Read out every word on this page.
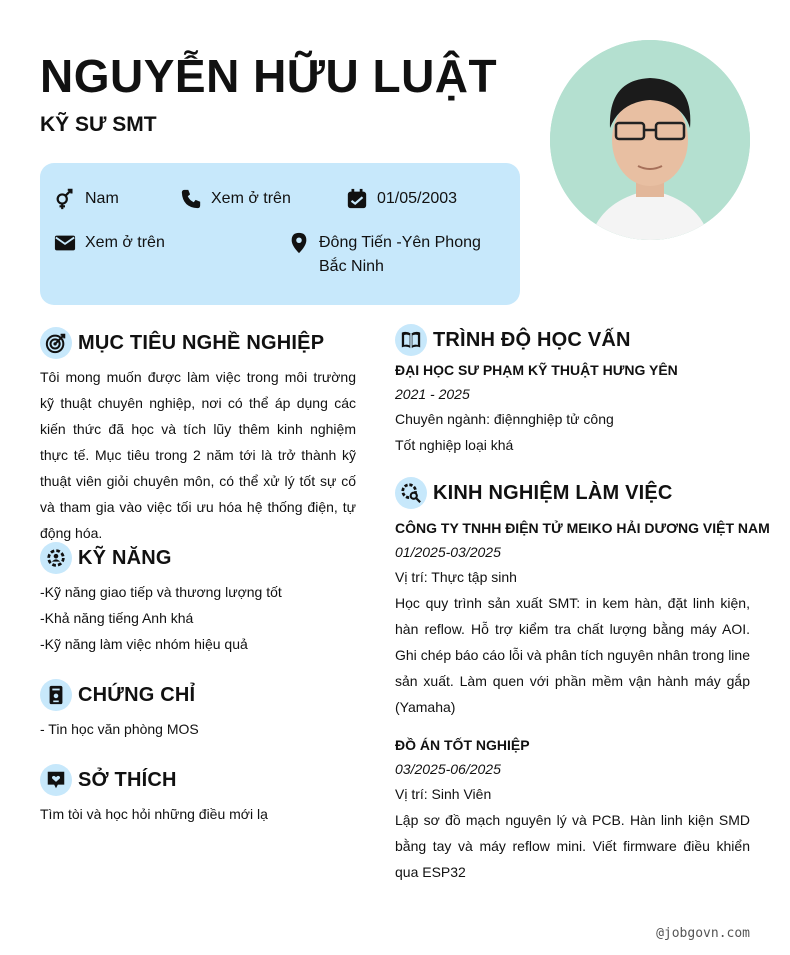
NGUYỄN HỮU LUẬT
KỸ SƯ SMT
Nam	Xem ở trên	01/05/2003
Xem ở trên	Đông Tiến -Yên Phong
Bắc Ninh
MỤC TIÊU NGHỀ NGHIỆP

Tôi mong muốn được làm việc trong môi trường kỹ thuật chuyên nghiệp, nơi có thể áp dụng các kiến thức đã học và tích lũy thêm kinh nghiệm thực tế. Mục tiêu trong 2 năm tới là trở thành kỹ thuật viên giỏi chuyên môn, có thể xử lý tốt sự cố và tham gia vào việc tối ưu hóa hệ thống điện, tự động hóa.

KỸ NĂNG

-Kỹ năng giao tiếp và thương lượng tốt

-Khả năng tiếng Anh khá

-Kỹ năng làm việc nhóm hiệu quả

CHỨNG CHỈ

- Tin học văn phòng MOS

SỞ THÍCH

Tìm tòi và học hỏi những điều mới lạ

TRÌNH ĐỘ HỌC VẤN

ĐẠI HỌC SƯ PHẠM KỸ THUẬT HƯNG YÊN

2021 - 2025

Chuyên ngành: điệnnghiệp tử công

Tốt nghiệp loại khá

KINH NGHIỆM LÀM VIỆC

CÔNG TY TNHH ĐIỆN TỬ MEIKO HẢI DƯƠNG VIỆT NAM

01/2025-03/2025

Vị trí: Thực tập sinh

Học quy trình sản xuất SMT: in kem hàn, đặt linh kiện, hàn reflow. Hỗ trợ kiểm tra chất lượng bằng máy AOI. Ghi chép báo cáo lỗi và phân tích nguyên nhân trong line sản xuất. Làm quen với phần mềm vận hành máy gắp (Yamaha)

ĐỒ ÁN TỐT NGHIỆP

03/2025-06/2025

Vị trí: Sinh Viên

Lập sơ đồ mạch nguyên lý và PCB. Hàn linh kiện SMD bằng tay và máy reflow mini. Viết firmware điều khiển qua ESP32

@jobgovn.com
